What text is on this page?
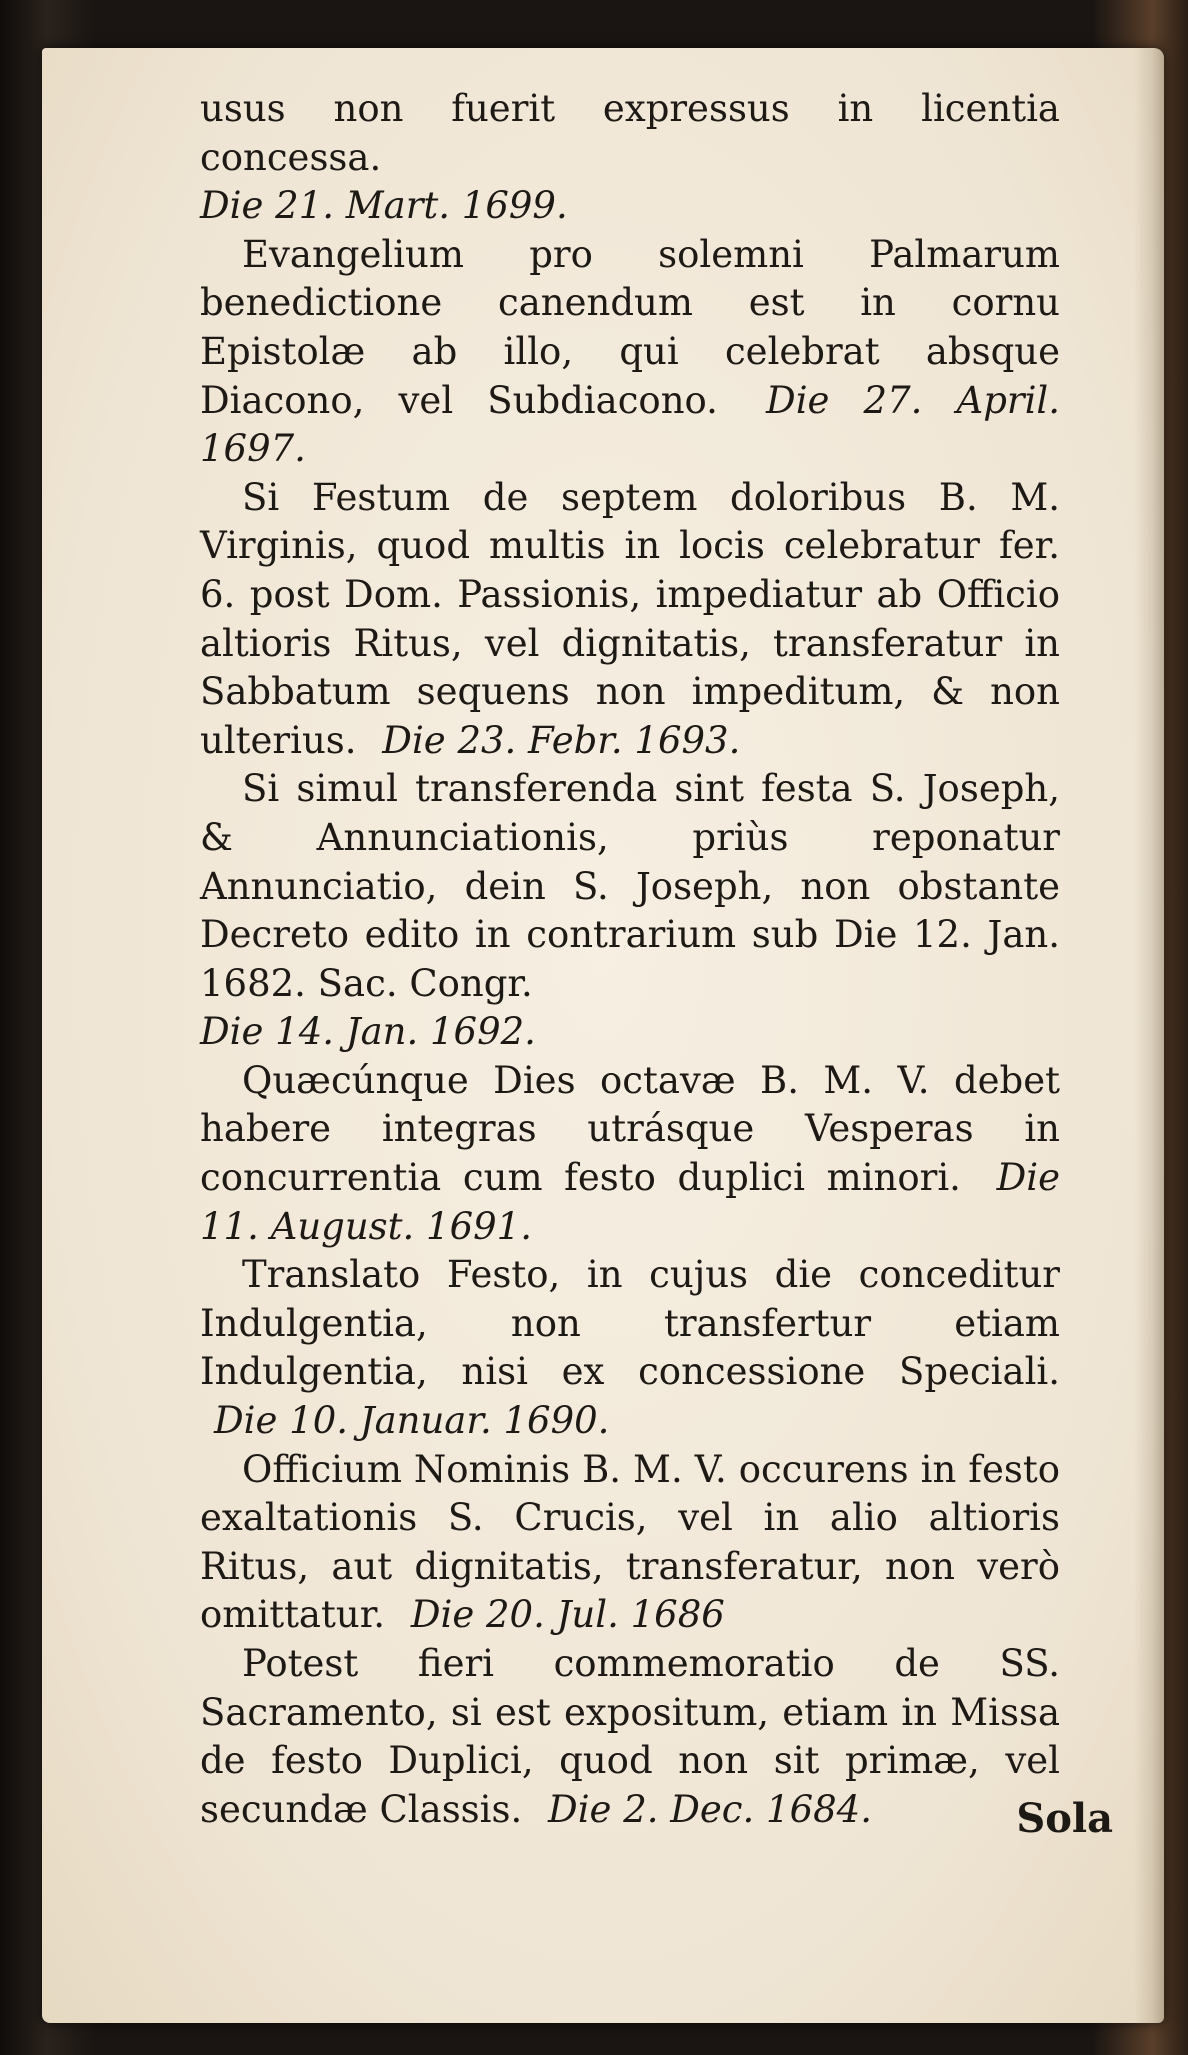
usus non fuerit expressus in licentia concessa.
Die 21. Mart. 1699.

Evangelium pro solemni Palmarum benedictione canendum est in cornu Epistolæ ab illo, qui celebrat absque Diacono, vel Subdiacono. Die 27. April. 1697.

Si Festum de septem doloribus B. M. Virginis, quod multis in locis celebratur fer. 6. post Dom. Passionis, impediatur ab Officio altioris Ritus, vel dignitatis, transferatur in Sabbatum sequens non impeditum, & non ulterius. Die 23. Febr. 1693.

Si simul transferenda sint festa S. Joseph, & Annunciationis, priùs reponatur Annunciatio, dein S. Joseph, non obstante Decreto edito in contrarium sub Die 12. Jan. 1682. Sac. Congr.
Die 14. Jan. 1692.

Quæcúnque Dies octavæ B. M. V. debet habere integras utrásque Vesperas in concurrentia cum festo duplici minori. Die 11. August. 1691.

Translato Festo, in cujus die conceditur Indulgentia, non transfertur etiam Indulgentia, nisi ex concessione Speciali. Die 10. Januar. 1690.

Officium Nominis B. M. V. occurens in festo exaltationis S. Crucis, vel in alio altioris Ritus, aut dignitatis, transferatur, non verò omittatur. Die 20. Jul. 1686

Potest fieri commemoratio de SS. Sacramento, si est expositum, etiam in Missa de festo Duplici, quod non sit primæ, vel secundæ Classis. Die 2. Dec. 1684.	Sola
